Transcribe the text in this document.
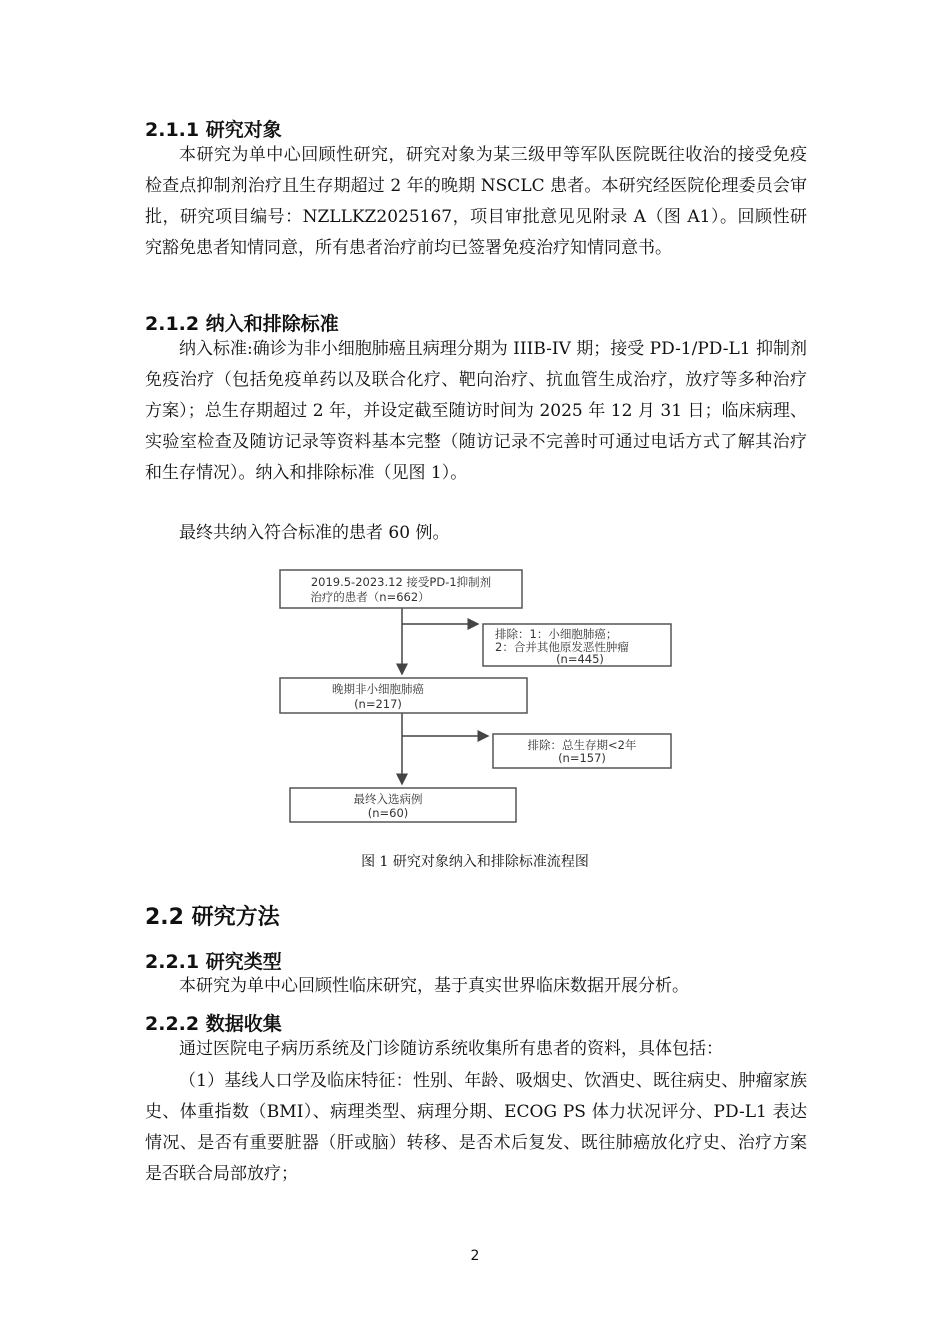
2.1.1 研究对象
本研究为单中心回顾性研究，研究对象为某三级甲等军队医院既往收治的接受免疫检查点抑制剂治疗且生存期超过 2 年的晚期 NSCLC 患者。本研究经医院伦理委员会审批，研究项目编号：NZLLKZ2025167，项目审批意见见附录 A（图 A1）。回顾性研究豁免患者知情同意，所有患者治疗前均已签署免疫治疗知情同意书。
2.1.2 纳入和排除标准
纳入标准:确诊为非小细胞肺癌且病理分期为 IIIB-IV 期；接受 PD-1/PD-L1 抑制剂免疫治疗（包括免疫单药以及联合化疗、靶向治疗、抗血管生成治疗，放疗等多种治疗方案）；总生存期超过 2 年，并设定截至随访时间为 2025 年 12 月 31 日；临床病理、实验室检查及随访记录等资料基本完整（随访记录不完善时可通过电话方式了解其治疗和生存情况）。纳入和排除标准（见图 1）。
最终共纳入符合标准的患者 60 例。
2019.5-2023.12 接受PD-1抑制剂
治疗的患者（n=662）
排除：1：小细胞肺癌；
2：合并其他原发恶性肿瘤
(n=445)
晚期非小细胞肺癌
(n=217)
排除：总生存期<2年
(n=157)
最终入选病例
(n=60)
图 1 研究对象纳入和排除标准流程图
2.2 研究方法
2.2.1 研究类型
本研究为单中心回顾性临床研究，基于真实世界临床数据开展分析。
2.2.2 数据收集
通过医院电子病历系统及门诊随访系统收集所有患者的资料，具体包括：
（1）基线人口学及临床特征：性别、年龄、吸烟史、饮酒史、既往病史、肿瘤家族史、体重指数（BMI）、病理类型、病理分期、ECOG PS 体力状况评分、PD-L1 表达情况、是否有重要脏器（肝或脑）转移、是否术后复发、既往肺癌放化疗史、治疗方案是否联合局部放疗；
2
